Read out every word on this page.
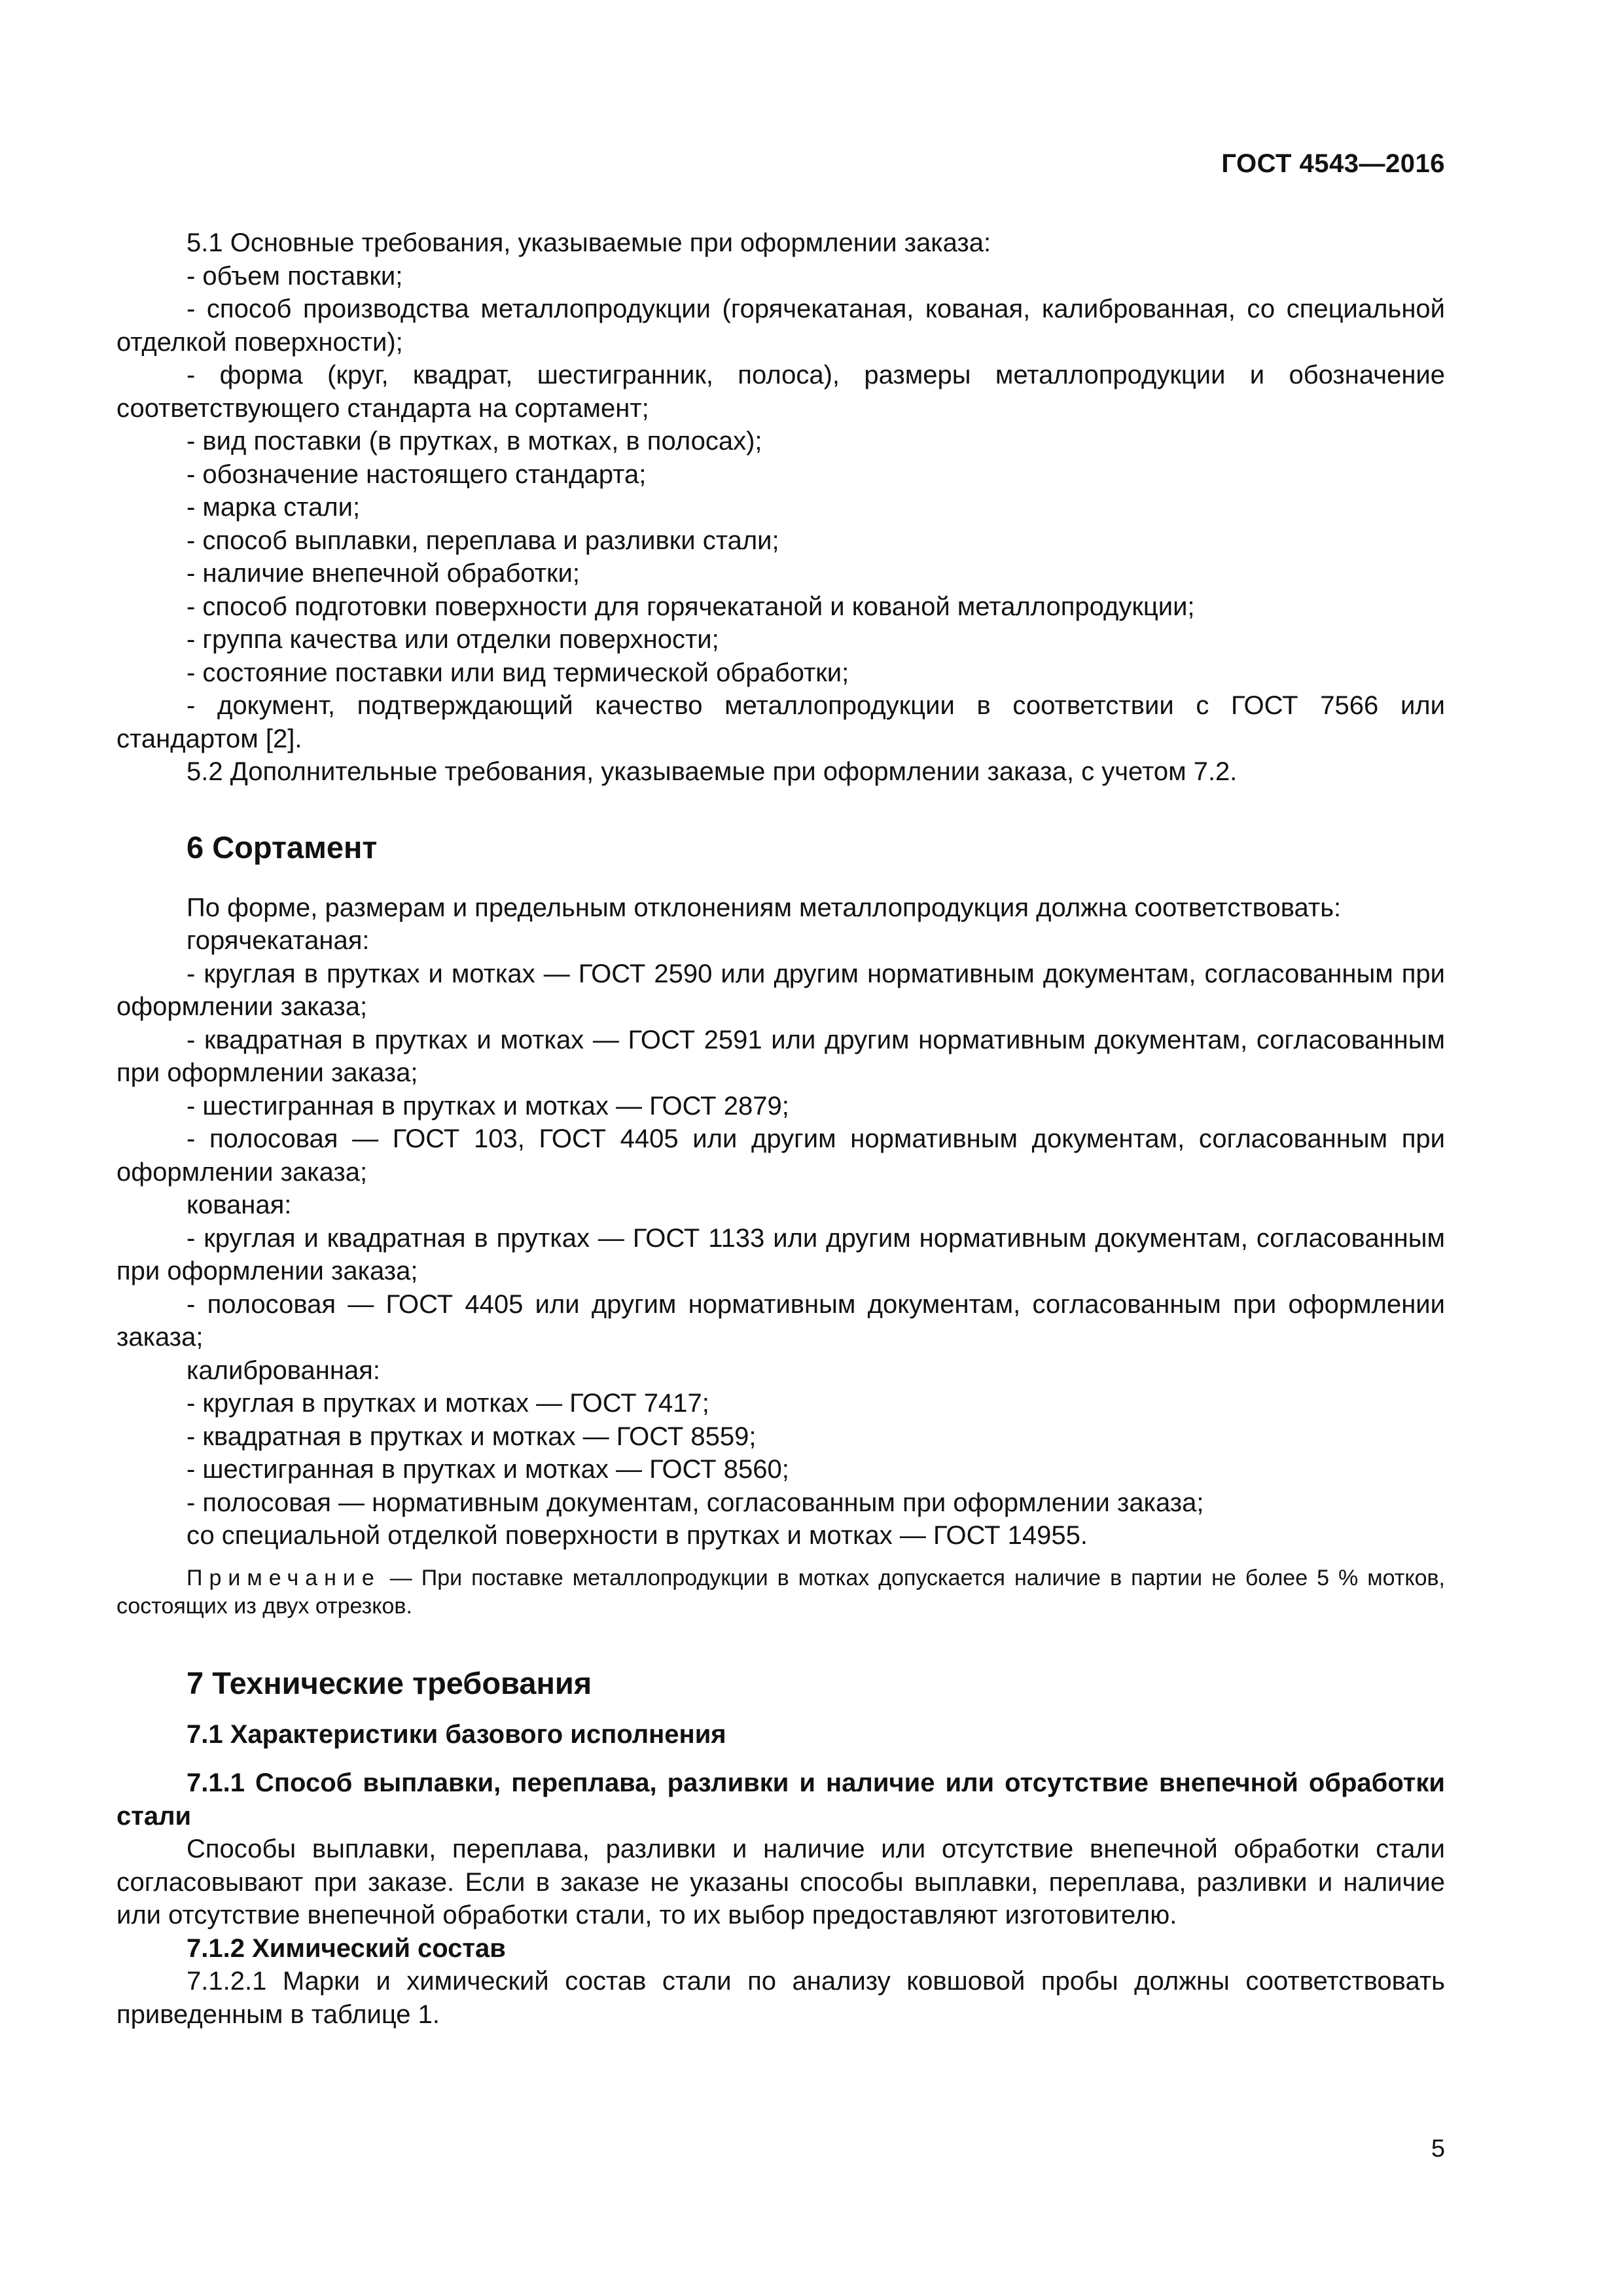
ГОСТ 4543—2016

5.1 Основные требования, указываемые при оформлении заказа:

- объем поставки;

- способ производства металлопродукции (горячекатаная, кованая, калиброванная, со специальной отделкой поверхности);

- форма (круг, квадрат, шестигранник, полоса), размеры металлопродукции и обозначение соответствующего стандарта на сортамент;

- вид поставки (в прутках, в мотках, в полосах);

- обозначение настоящего стандарта;

- марка стали;

- способ выплавки, переплава и разливки стали;

- наличие внепечной обработки;

- способ подготовки поверхности для горячекатаной и кованой металлопродукции;

- группа качества или отделки поверхности;

- состояние поставки или вид термической обработки;

- документ, подтверждающий качество металлопродукции в соответствии с ГОСТ 7566 или стандартом [2].

5.2 Дополнительные требования, указываемые при оформлении заказа, с учетом 7.2.

6 Сортамент

По форме, размерам и предельным отклонениям металлопродукция должна соответствовать:

горячекатаная:

- круглая в прутках и мотках — ГОСТ 2590 или другим нормативным документам, согласованным при оформлении заказа;

- квадратная в прутках и мотках — ГОСТ 2591 или другим нормативным документам, согласованным при оформлении заказа;

- шестигранная в прутках и мотках — ГОСТ 2879;

- полосовая — ГОСТ 103, ГОСТ 4405 или другим нормативным документам, согласованным при оформлении заказа;

кованая:

- круглая и квадратная в прутках — ГОСТ 1133 или другим нормативным документам, согласованным при оформлении заказа;

- полосовая — ГОСТ 4405 или другим нормативным документам, согласованным при оформлении заказа;

калиброванная:

- круглая в прутках и мотках — ГОСТ 7417;

- квадратная в прутках и мотках — ГОСТ 8559;

- шестигранная в прутках и мотках — ГОСТ 8560;

- полосовая — нормативным документам, согласованным при оформлении заказа;

со специальной отделкой поверхности в прутках и мотках — ГОСТ 14955.

Примечание — При поставке металлопродукции в мотках допускается наличие в партии не более 5 % мотков, состоящих из двух отрезков.

7 Технические требования

7.1 Характеристики базового исполнения

7.1.1 Способ выплавки, переплава, разливки и наличие или отсутствие внепечной обработки стали

Способы выплавки, переплава, разливки и наличие или отсутствие внепечной обработки стали согласовывают при заказе. Если в заказе не указаны способы выплавки, переплава, разливки и наличие или отсутствие внепечной обработки стали, то их выбор предоставляют изготовителю.

7.1.2 Химический состав

7.1.2.1 Марки и химический состав стали по анализу ковшовой пробы должны соответствовать приведенным в таблице 1.

5
